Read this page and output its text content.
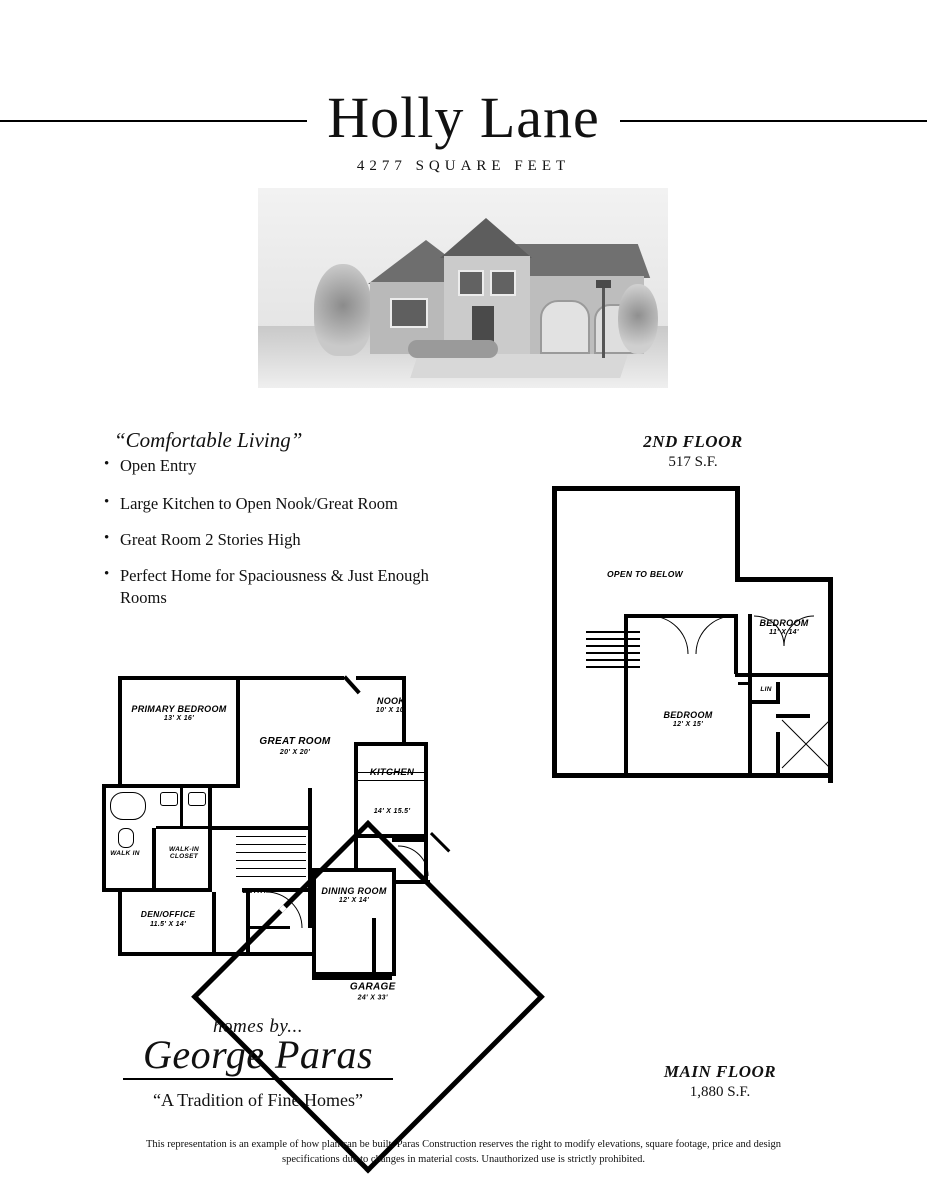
Holly Lane
4277 SQUARE FEET
“Comfortable Living”
• Open Entry
• Large Kitchen to Open Nook/Great Room
• Great Room 2 Stories High
• Perfect Home for Spaciousness & Just Enough Rooms
2ND FLOOR
517 S.F.
OPEN TO BELOW
BEDROOM
11' X 14'
BEDROOM
12' X 15'
LIN
GARAGE
24' X 33'
PRIMARY BEDROOM
13' X 16'
GREAT ROOM
20' X 20'
NOOK
10' X 10'
KITCHEN
14' X 15.5'
DINING ROOM
12' X 14'
DEN/OFFICE
11.5' X 14'
WALK IN
WALK-IN CLOSET
ENTRY
MAIN FLOOR
1,880 S.F.
homes by...
George Paras
“A Tradition of Fine Homes”
This representation is an example of how plan can be built. Paras Construction reserves the right to modify elevations, square footage, price and design
specifications due to changes in material costs. Unauthorized use is strictly prohibited.
